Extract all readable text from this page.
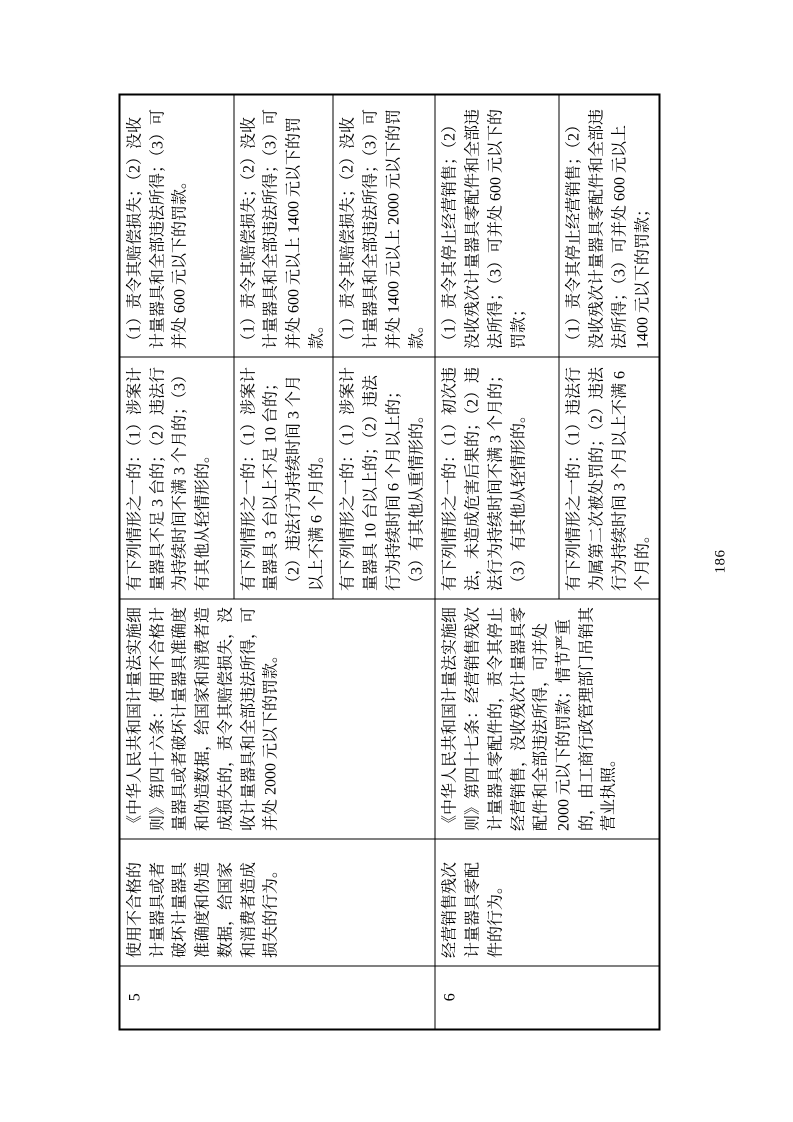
5	使用不合格的计量器具或者破坏计量器具准确度和伪造数据，给国家和消费者造成损失的行为。	《中华人民共和国计量法实施细则》第四十六条：使用不合格计量器具或者破坏计量器具准确度和伪造数据，给国家和消费者造成损失的，责令其赔偿损失，没收计量器具和全部违法所得，可并处 2000 元以下的罚款。	有下列情形之一的：（1）涉案计量器具不足 3 台的；（2）违法行为持续时间不满 3 个月的；（3）有其他从轻情形的。	（1）责令其赔偿损失；（2）没收计量器具和全部违法所得；（3）可并处 600 元以下的罚款。
			有下列情形之一的：（1）涉案计量器具 3 台以上不足 10 台的；（2）违法行为持续时间 3 个月以上不满 6 个月的。	（1）责令其赔偿损失；（2）没收计量器具和全部违法所得；（3）可并处 600 元以上 1400 元以下的罚款。
			有下列情形之一的：（1）涉案计量器具 10 台以上的；（2）违法行为持续时间 6 个月以上的；（3）有其他从重情形的。	（1）责令其赔偿损失；（2）没收计量器具和全部违法所得；（3）可并处 1400 元以上 2000 元以下的罚款。
6	经营销售残次计量器具零配件的行为。	《中华人民共和国计量法实施细则》第四十七条：经营销售残次计量器具零配件的，责令其停止经营销售，没收残次计量器具零配件和全部违法所得，可并处 2000 元以下的罚款；情节严重的，由工商行政管理部门吊销其营业执照。	有下列情形之一的：（1）初次违法，未造成危害后果的；（2）违法行为持续时间不满 3 个月的；（3）有其他从轻情形的。	（1）责令其停止经营销售；（2）没收残次计量器具零配件和全部违法所得；（3）可并处 600 元以下的罚款；
			有下列情形之一的：（1）违法行为属第二次被处罚的；（2）违法行为持续时间 3 个月以上不满 6 个月的。	（1）责令其停止经营销售；（2）没收残次计量器具零配件和全部违法所得；（3）可并处 600 元以上 1400 元以下的罚款；
186
